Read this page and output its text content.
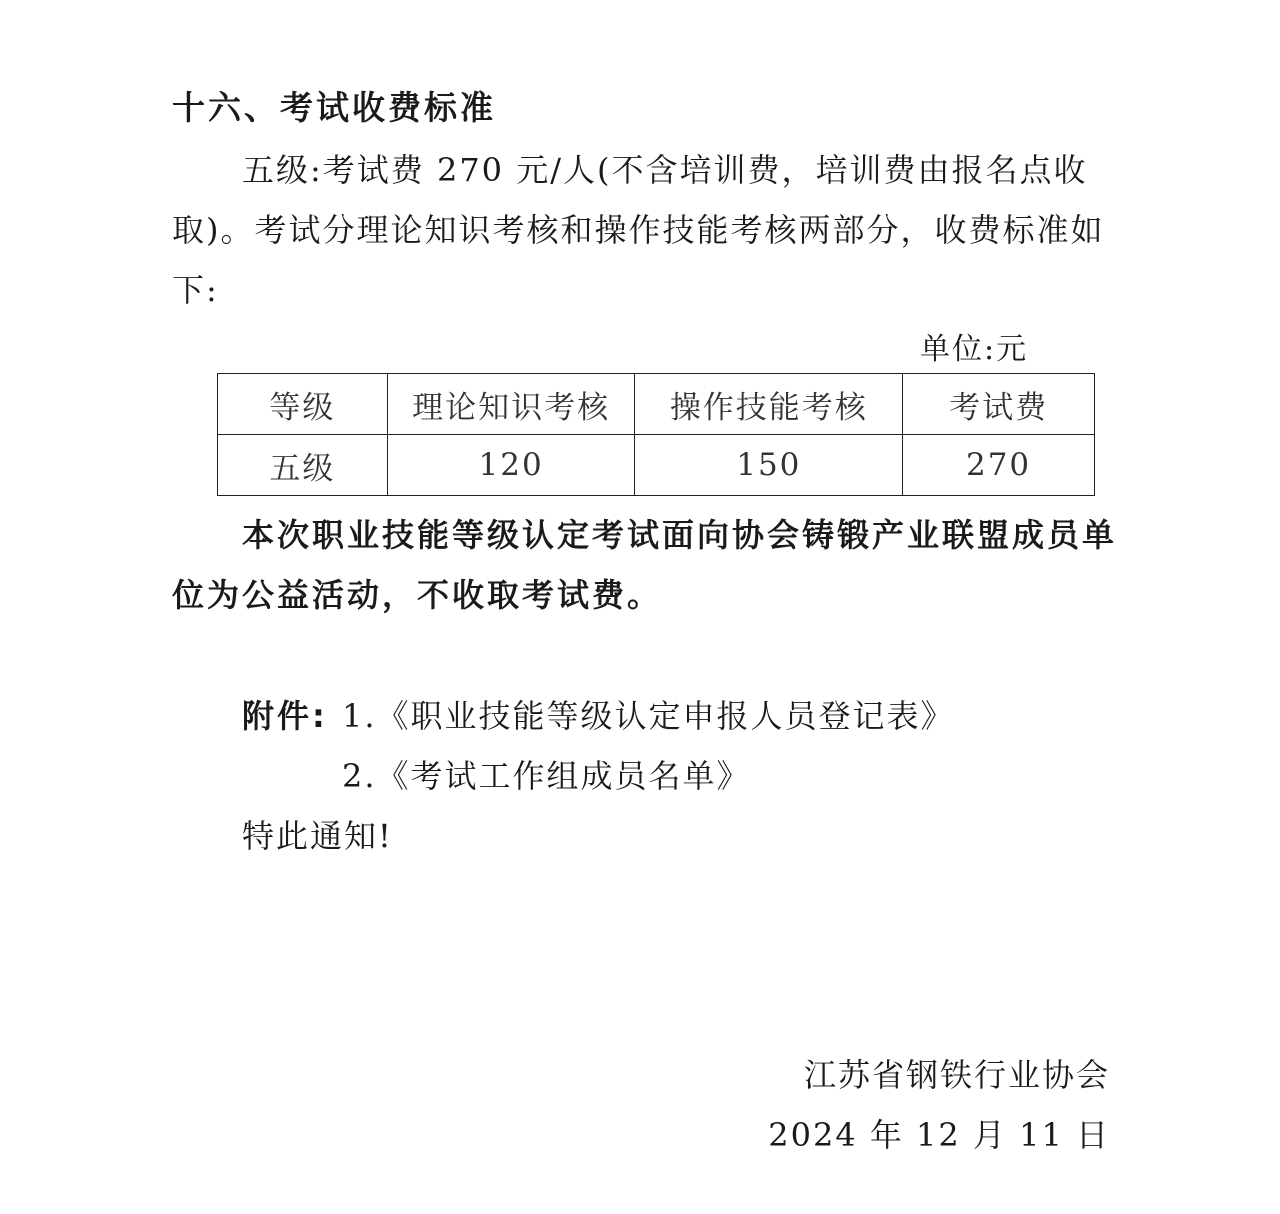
十六、考试收费标准
五级:考试费 270 元/人(不含培训费，培训费由报名点收
取)。考试分理论知识考核和操作技能考核两部分，收费标准如
下:
单位:元
等级	理论知识考核	操作技能考核	考试费
五级	120	150	270
本次职业技能等级认定考试面向协会铸锻产业联盟成员单
位为公益活动，不收取考试费。
附件: 1.《职业技能等级认定申报人员登记表》
2.《考试工作组成员名单》
特此通知!
江苏省钢铁行业协会
2024 年 12 月 11 日
